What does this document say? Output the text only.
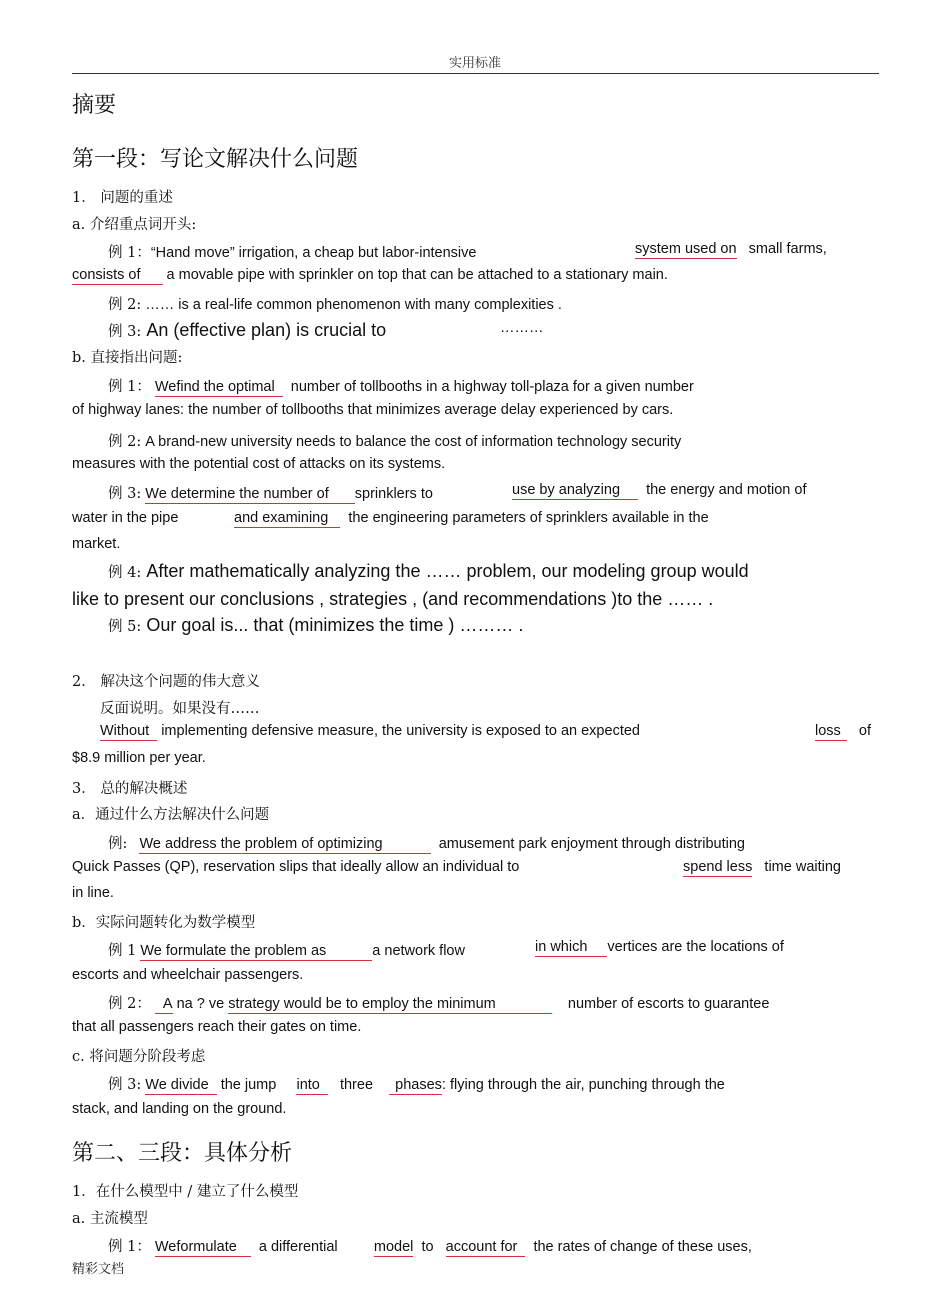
实用标准
摘要
第一段：写论文解决什么问题
1． 问题的重述
a. 介绍重点词开头:
例 1：“Hand move” irrigation, a cheap but labor-intensive	system used on small farms,
consists of a movable pipe with sprinkler on top that can be attached to a stationary main.
例 2: …… is a real-life common phenomenon with many complexities .
例 3: An (effective plan) is crucial to	………
b. 直接指出问题:
例 1： Wefind the optimal number of tollbooths in a highway toll-plaza for a given number
of highway lanes: the number of tollbooths that minimizes average delay experienced by cars.
例 2: A brand-new university needs to balance the cost of information technology security
measures with the potential cost of attacks on its systems.
例 3: We determine the number of sprinklers to	use by analyzing the energy and motion of
water in the pipe	and examining the engineering parameters of sprinklers available in the
market.
例 4: After mathematically analyzing the …… problem, our modeling group would
like to present our conclusions , strategies , (and recommendations )to the …… .
例 5: Our goal is... that (minimizes the time ) ……… .
2． 解决这个问题的伟大意义
反面说明。如果没有……
Without implementing defensive measure, the university is exposed to an expected	loss of
$8.9 million per year.
3． 总的解决概述
a．通过什么方法解决什么问题
例: We address the problem of optimizing	amusement park enjoyment through distributing
Quick Passes (QP), reservation slips that ideally allow an individual to	spend less time waiting
in line.
b．实际问题转化为数学模型
例 1 We formulate the problem as	a network flow	in which vertices are the locations of
escorts and wheelchair passengers.
例 2： A na ? ve strategy would be to employ the minimum	number of escorts to guarantee
that all passengers reach their gates on time.
c. 将问题分阶段考虑
例 3: We divide the jump into three phases: flying through the air, punching through the
stack, and landing on the ground.
第二、三段：具体分析
1．在什么模型中 / 建立了什么模型
a. 主流模型
例 1： Weformulate a differential	model to account for the rates of change of these uses,
精彩文档
